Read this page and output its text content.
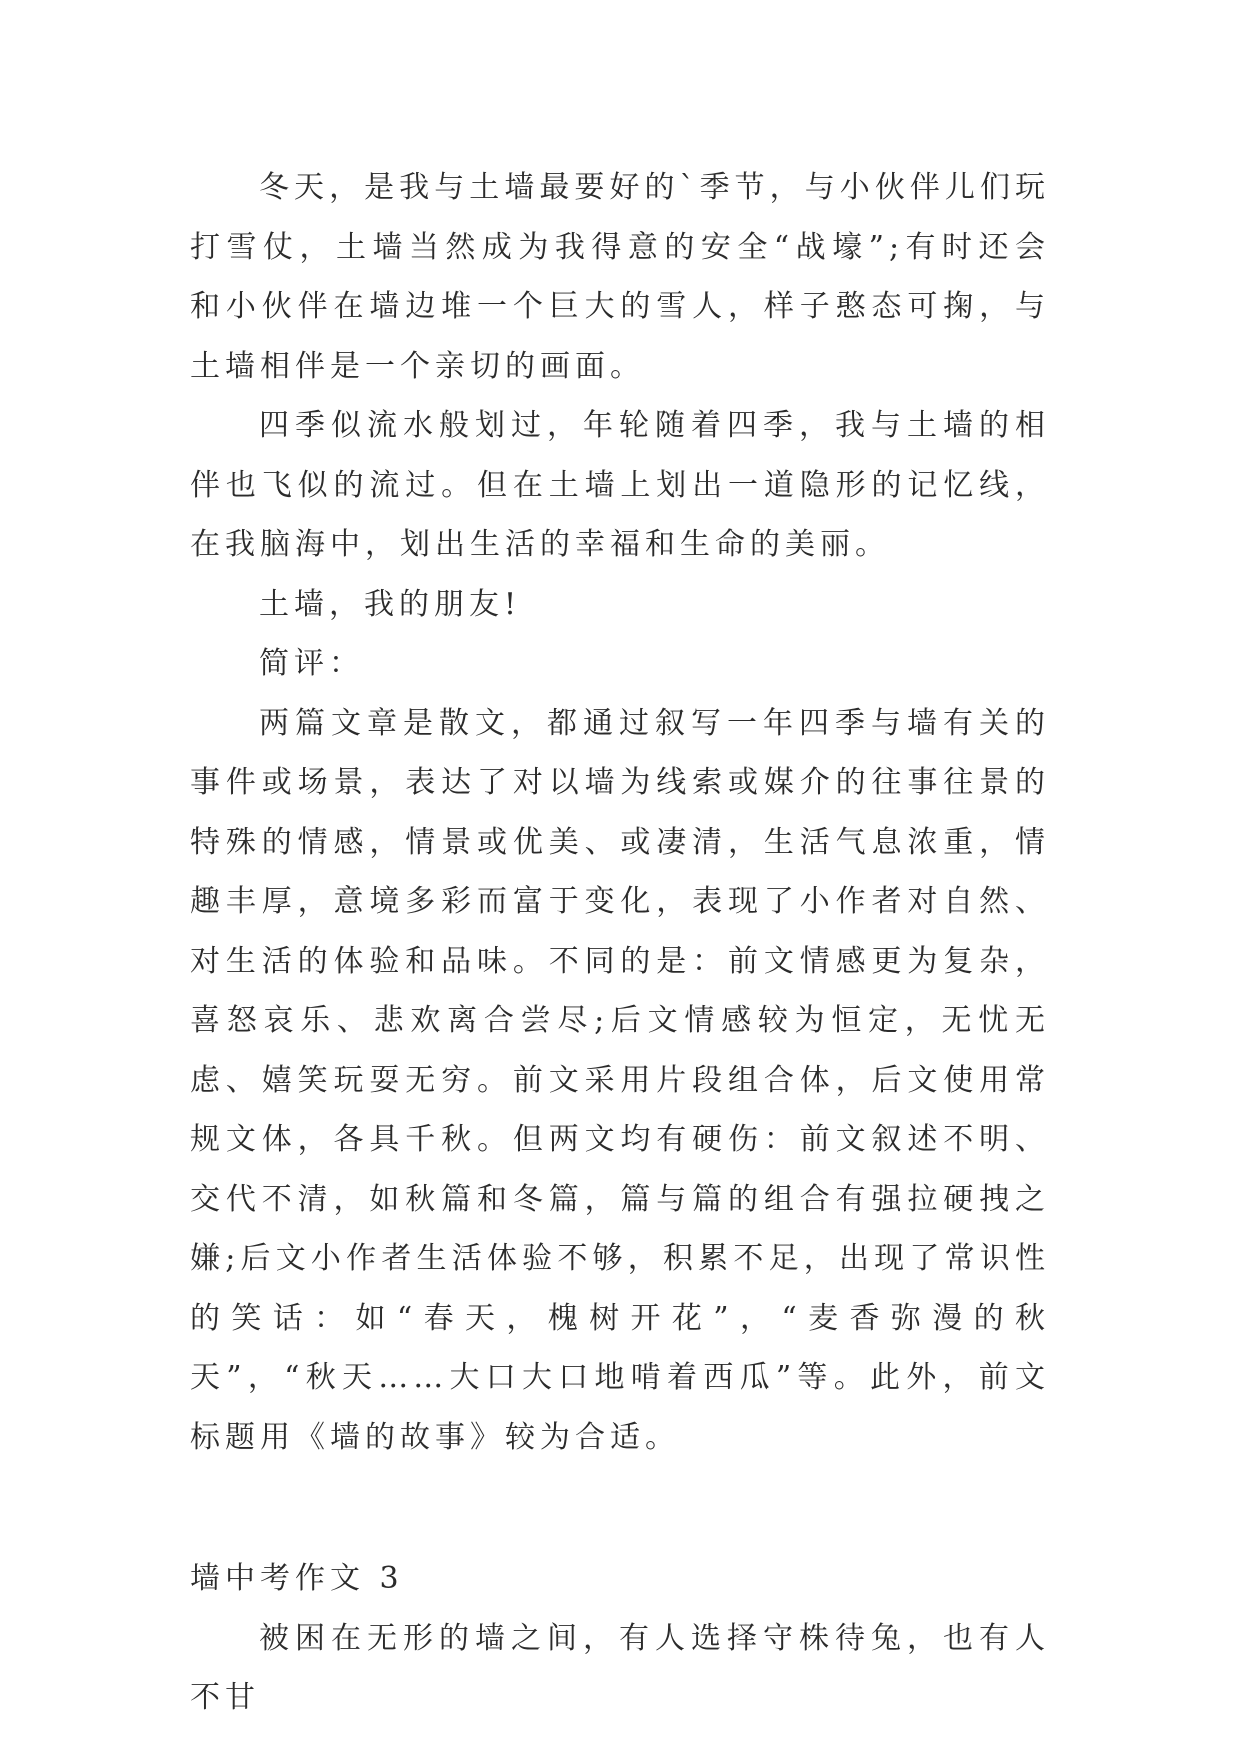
冬天，是我与土墙最要好的`季节，与小伙伴儿们玩打雪仗，土墙当然成为我得意的安全“战壕”;有时还会和小伙伴在墙边堆一个巨大的雪人，样子憨态可掬，与土墙相伴是一个亲切的画面。

四季似流水般划过，年轮随着四季，我与土墙的相伴也飞似的流过。但在土墙上划出一道隐形的记忆线，在我脑海中，划出生活的幸福和生命的美丽。

土墙，我的朋友!

简评：

两篇文章是散文，都通过叙写一年四季与墙有关的事件或场景，表达了对以墙为线索或媒介的往事往景的特殊的情感，情景或优美、或凄清，生活气息浓重，情趣丰厚，意境多彩而富于变化，表现了小作者对自然、对生活的体验和品味。不同的是：前文情感更为复杂，喜怒哀乐、悲欢离合尝尽;后文情感较为恒定，无忧无虑、嬉笑玩耍无穷。前文采用片段组合体，后文使用常规文体，各具千秋。但两文均有硬伤：前文叙述不明、交代不清，如秋篇和冬篇，篇与篇的组合有强拉硬拽之嫌;后文小作者生活体验不够，积累不足，出现了常识性的笑话：如“春天，槐树开花”，“麦香弥漫的秋天”，“秋天……大口大口地啃着西瓜”等。此外，前文标题用《墙的故事》较为合适。

墙中考作文 3

被困在无形的墙之间，有人选择守株待兔，也有人不甘
